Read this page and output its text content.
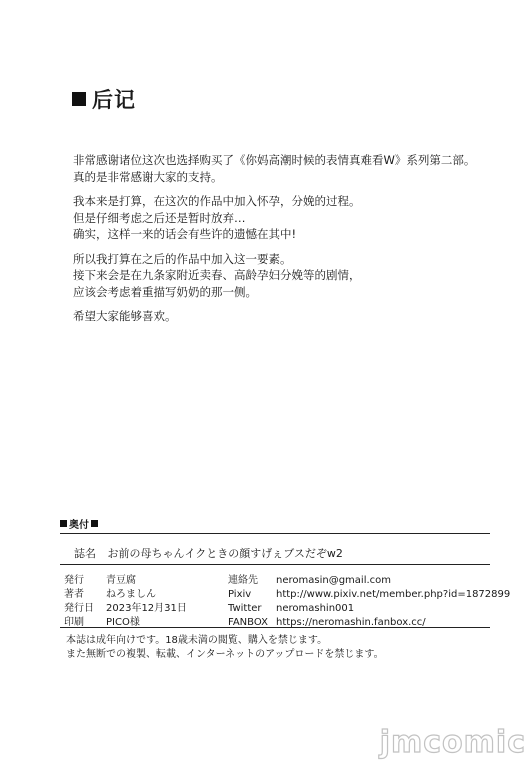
后记

非常感谢诸位这次也选择购买了《你妈高潮时候的表情真难看W》系列第二部。
真的是非常感谢大家的支持。

我本来是打算，在这次的作品中加入怀孕，分娩的过程。
但是仔细考虑之后还是暂时放弃…
确实，这样一来的话会有些许的遗憾在其中!

所以我打算在之后的作品中加入这一要素。
接下来会是在九条家附近卖春、高龄孕妇分娩等的剧情，
应该会考虑着重描写奶奶的那一侧。

希望大家能够喜欢。

奥付
誌名 お前の母ちゃんイクときの顔すげぇブスだぞw2
発行 青豆腐
著者 ねろましん
発行日 2023年12月31日
印刷 PICO様
連絡先 neromasin@gmail.com
Pixiv http://www.pixiv.net/member.php?id=1872899
Twitter neromashin001
FANBOX https://neromashin.fanbox.cc/
本誌は成年向けです。18歳未満の閲覧、購入を禁じます。
また無断での複製、転載、インターネットのアップロードを禁じます。
jmcomic
